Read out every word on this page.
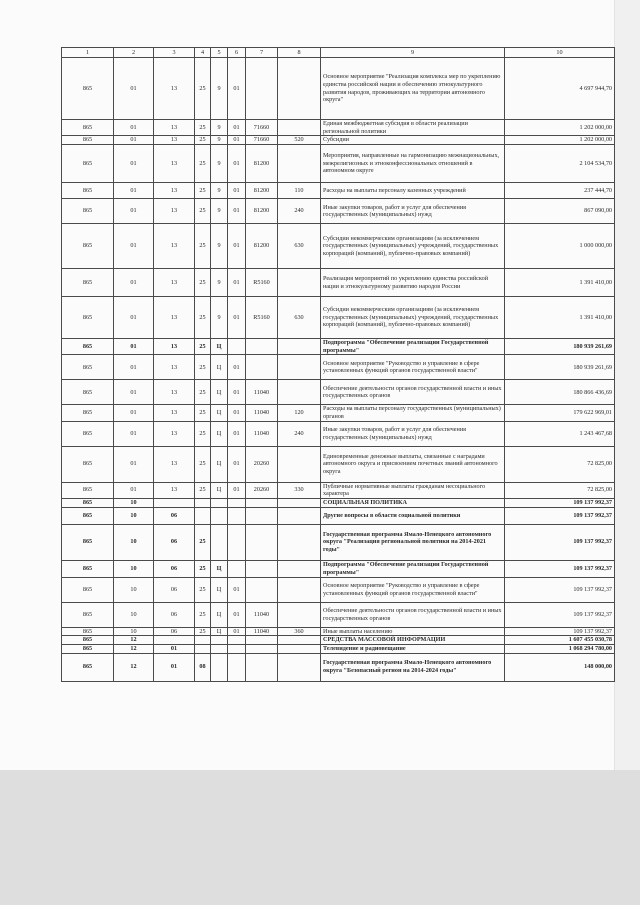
1	2	3	4	5	6	7	8	9	10
865	01	13	25	9	01			Основное мероприятие "Реализация комплекса мер по укреплению единства российской нации и обеспечению этнокультурного развития народов, проживающих на территории автономного округа"	4 697 944,70
865	01	13	25	9	01	71660		Единая межбюджетная субсидия в области реализации региональной политики	1 202 000,00
865	01	13	25	9	01	71660	520	Субсидии	1 202 000,00
865	01	13	25	9	01	81200		Мероприятия, направленные на гармонизацию межнациональных, межрелигиозных и этноконфессиональных отношений в автономном округе	2 104 534,70
865	01	13	25	9	01	81200	110	Расходы на выплаты персоналу казенных учреждений	237 444,70
865	01	13	25	9	01	81200	240	Иные закупки товаров, работ и услуг для обеспечения государственных (муниципальных) нужд	867 090,00
865	01	13	25	9	01	81200	630	Субсидии некоммерческим организациям (за исключением государственных (муниципальных) учреждений, государственных корпораций (компаний), публично-правовых компаний)	1 000 000,00
865	01	13	25	9	01	R5160		Реализация мероприятий по укреплению единства российской нации и этнокультурному развитию народов России	1 391 410,00
865	01	13	25	9	01	R5160	630	Субсидии некоммерческим организациям (за исключением государственных (муниципальных) учреждений, государственных корпораций (компаний), публично-правовых компаний)	1 391 410,00
865	01	13	25	Ц				Подпрограмма "Обеспечение реализации Государственной программы"	180 939 261,69
865	01	13	25	Ц	01			Основное мероприятие "Руководство и управление в сфере установленных функций органов государственной власти"	180 939 261,69
865	01	13	25	Ц	01	11040		Обеспечение деятельности органов государственной власти и иных государственных органов	180 866 436,69
865	01	13	25	Ц	01	11040	120	Расходы на выплаты персоналу государственных (муниципальных) органов	179 622 969,01
865	01	13	25	Ц	01	11040	240	Иные закупки товаров, работ и услуг для обеспечения государственных (муниципальных) нужд	1 243 467,68
865	01	13	25	Ц	01	20260		Единовременные денежные выплаты, связанные с наградами автономного округа и присвоением почетных званий автономного округа	72 825,00
865	01	13	25	Ц	01	20260	330	Публичные нормативные выплаты гражданам несоциального характера	72 825,00
865	10							СОЦИАЛЬНАЯ ПОЛИТИКА	109 137 992,37
865	10	06						Другие вопросы в области социальной политики	109 137 992,37
865	10	06	25					Государственная программа Ямало-Ненецкого автономного округа "Реализация региональной политики на 2014-2021 годы"	109 137 992,37
865	10	06	25	Ц				Подпрограмма "Обеспечение реализации Государственной программы"	109 137 992,37
865	10	06	25	Ц	01			Основное мероприятие "Руководство и управление в сфере установленных функций органов государственной власти"	109 137 992,37
865	10	06	25	Ц	01	11040		Обеспечение деятельности органов государственной власти и иных государственных органов	109 137 992,37
865	10	06	25	Ц	01	11040	360	Иные выплаты населению	109 137 992,37
865	12							СРЕДСТВА МАССОВОЙ ИНФОРМАЦИИ	1 607 455 030,78
865	12	01						Телевидение и радиовещание	1 068 294 780,00
865	12	01	08					Государственная программа Ямало-Ненецкого автономного округа "Безопасный регион на 2014-2024 годы"	148 000,00
